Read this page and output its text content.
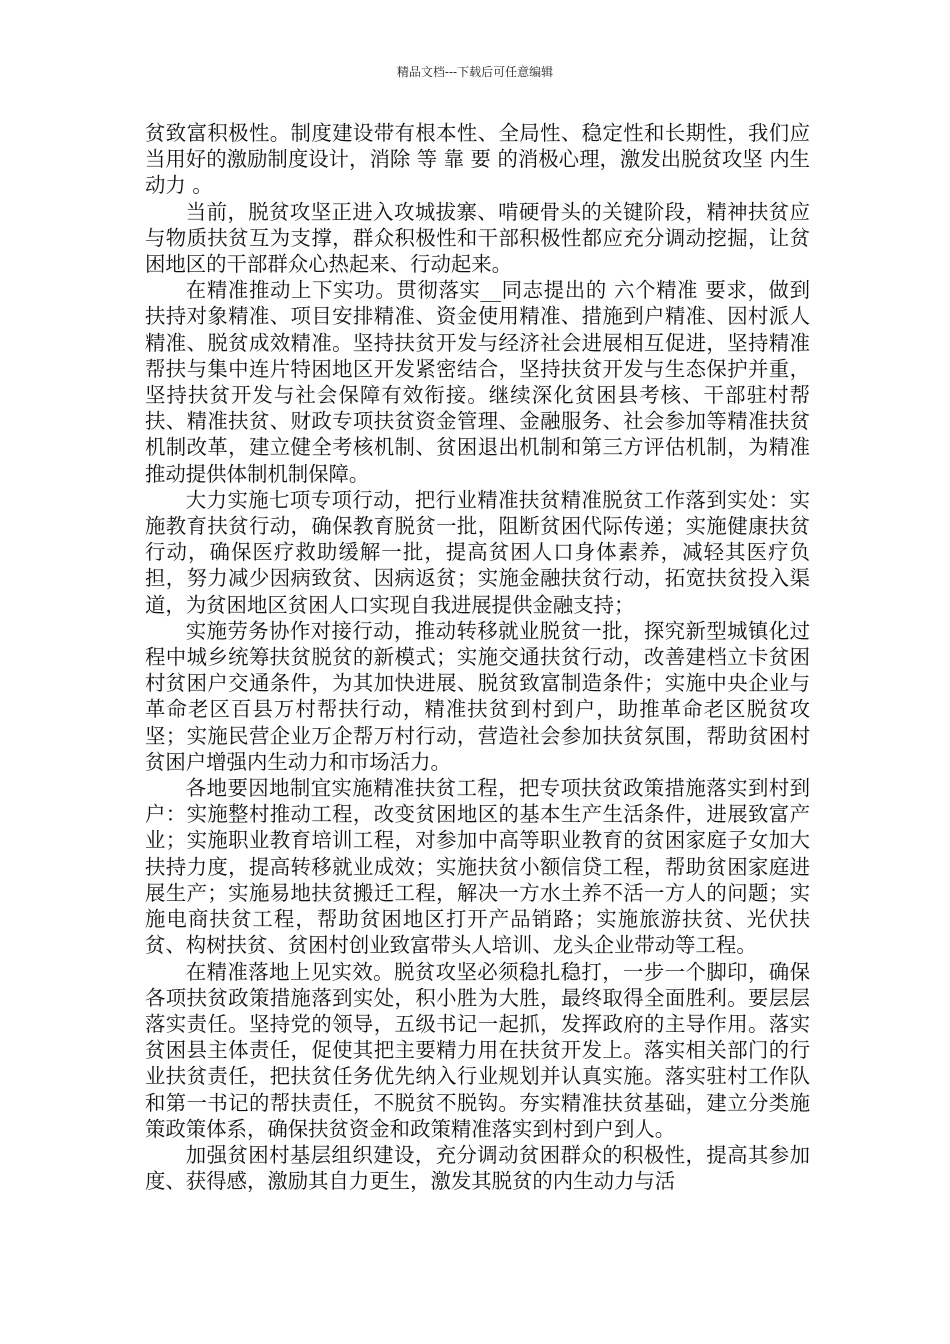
精品文档---下载后可任意编辑

贫致富积极性。制度建设带有根本性、全局性、稳定性和长期性，我们应当用好的激励制度设计，消除 等 靠 要 的消极心理，激发出脱贫攻坚 内生动力 。

当前，脱贫攻坚正进入攻城拔寨、啃硬骨头的关键阶段，精神扶贫应与物质扶贫互为支撑，群众积极性和干部积极性都应充分调动挖掘，让贫困地区的干部群众心热起来、行动起来。

在精准推动上下实功。贯彻落实__同志提出的 六个精准 要求，做到扶持对象精准、项目安排精准、资金使用精准、措施到户精准、因村派人精准、脱贫成效精准。坚持扶贫开发与经济社会进展相互促进，坚持精准帮扶与集中连片特困地区开发紧密结合，坚持扶贫开发与生态保护并重，坚持扶贫开发与社会保障有效衔接。继续深化贫困县考核、干部驻村帮扶、精准扶贫、财政专项扶贫资金管理、金融服务、社会参加等精准扶贫机制改革，建立健全考核机制、贫困退出机制和第三方评估机制，为精准推动提供体制机制保障。

大力实施七项专项行动，把行业精准扶贫精准脱贫工作落到实处：实施教育扶贫行动，确保教育脱贫一批，阻断贫困代际传递；实施健康扶贫行动，确保医疗救助缓解一批，提高贫困人口身体素养，减轻其医疗负担，努力减少因病致贫、因病返贫；实施金融扶贫行动，拓宽扶贫投入渠道，为贫困地区贫困人口实现自我进展提供金融支持；

实施劳务协作对接行动，推动转移就业脱贫一批，探究新型城镇化过程中城乡统筹扶贫脱贫的新模式；实施交通扶贫行动，改善建档立卡贫困村贫困户交通条件，为其加快进展、脱贫致富制造条件；实施中央企业与革命老区百县万村帮扶行动，精准扶贫到村到户，助推革命老区脱贫攻坚；实施民营企业万企帮万村行动，营造社会参加扶贫氛围，帮助贫困村贫困户增强内生动力和市场活力。

各地要因地制宜实施精准扶贫工程，把专项扶贫政策措施落实到村到户：实施整村推动工程，改变贫困地区的基本生产生活条件，进展致富产业；实施职业教育培训工程，对参加中高等职业教育的贫困家庭子女加大扶持力度，提高转移就业成效；实施扶贫小额信贷工程，帮助贫困家庭进展生产；实施易地扶贫搬迁工程，解决一方水土养不活一方人的问题；实施电商扶贫工程，帮助贫困地区打开产品销路；实施旅游扶贫、光伏扶贫、构树扶贫、贫困村创业致富带头人培训、龙头企业带动等工程。

在精准落地上见实效。脱贫攻坚必须稳扎稳打，一步一个脚印，确保各项扶贫政策措施落到实处，积小胜为大胜，最终取得全面胜利。要层层落实责任。坚持党的领导，五级书记一起抓，发挥政府的主导作用。落实贫困县主体责任，促使其把主要精力用在扶贫开发上。落实相关部门的行业扶贫责任，把扶贫任务优先纳入行业规划并认真实施。落实驻村工作队和第一书记的帮扶责任，不脱贫不脱钩。夯实精准扶贫基础，建立分类施策政策体系，确保扶贫资金和政策精准落实到村到户到人。

加强贫困村基层组织建设，充分调动贫困群众的积极性，提高其参加度、获得感，激励其自力更生，激发其脱贫的内生动力与活
